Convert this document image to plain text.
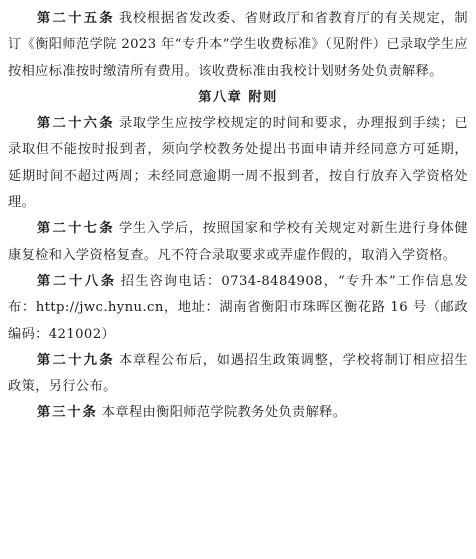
第二十五条 我校根据省发改委、省财政厅和省教育厅的有关规定，制订《衡阳师范学院 2023 年“专升本”学生收费标准》（见附件）已录取学生应按相应标准按时缴清所有费用。该收费标准由我校计划财务处负责解释。

第八章 附则

第二十六条 录取学生应按学校规定的时间和要求，办理报到手续；已录取但不能按时报到者，须向学校教务处提出书面申请并经同意方可延期，延期时间不超过两周；未经同意逾期一周不报到者，按自行放弃入学资格处理。

第二十七条 学生入学后，按照国家和学校有关规定对新生进行身体健康复检和入学资格复查。凡不符合录取要求或弄虚作假的，取消入学资格。

第二十八条 招生咨询电话：0734-8484908，“专升本”工作信息发布：http://jwc.hynu.cn，地址：湖南省衡阳市珠晖区衡花路 16 号（邮政编码：421002）

第二十九条 本章程公布后，如遇招生政策调整，学校将制订相应招生政策，另行公布。

第三十条 本章程由衡阳师范学院教务处负责解释。
